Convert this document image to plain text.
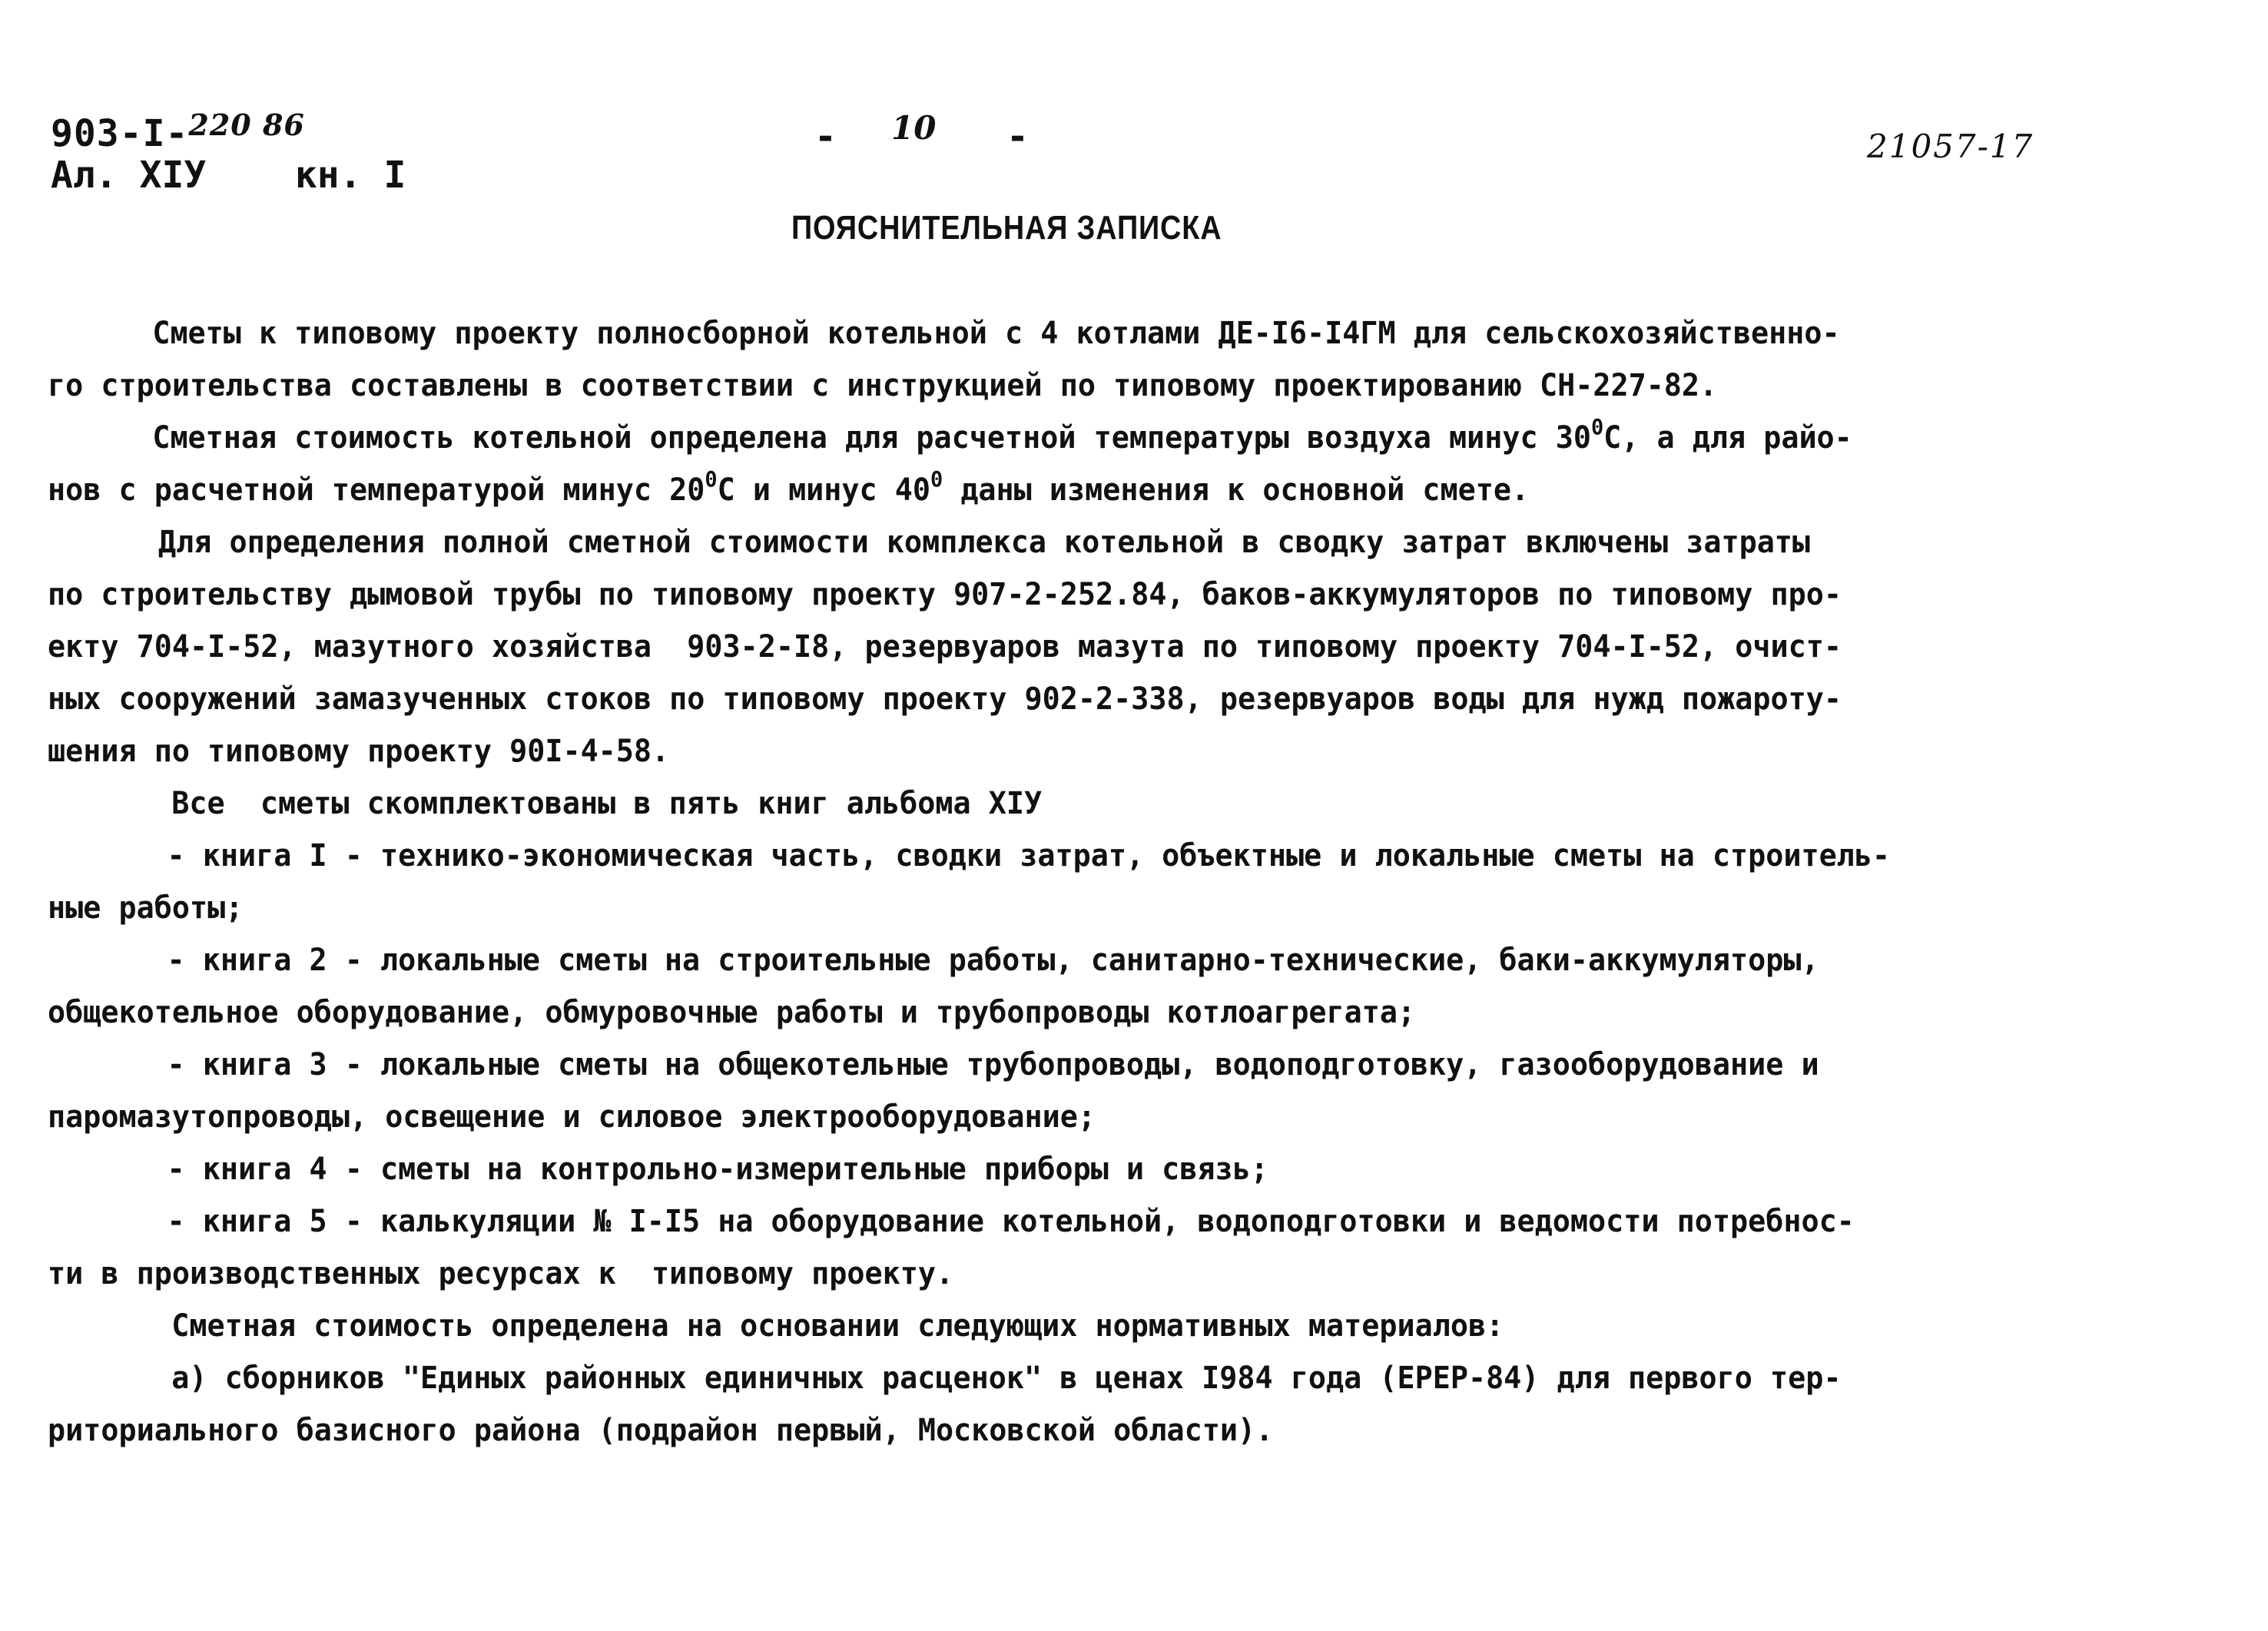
903-I-$^{220 86}$
Ал. XIУ кн. I

-

10

-

	21057-17
ПОЯСНИТЕЛЬНАЯ ЗАПИСКА
Сметы к типовому проекту полносборной котельной с 4 котлами ДЕ-I6-I4ГМ для сельскохозяйственно-
го строительства составлены в соответствии с инструкцией по типовому проектированию СН-227-82.
Сметная стоимость котельной определена для расчетной температуры воздуха минус $30^0С$, а для райо-
нов с расчетной температурой минус $20^0С$ и минус $40^0$ даны изменения к основной смете.
Для определения полной сметной стоимости комплекса котельной в сводку затрат включены затраты
по строительству дымовой трубы по типовому проекту 907-2-252.84, баков-аккумуляторов по типовому про-
екту 704-I-52, мазутного хозяйства  903-2-I8, резервуаров мазута по типовому проекту 704-I-52, очист-
ных сооружений замазученных стоков по типовому проекту 902-2-338, резервуаров воды для нужд пожароту-
шения по типовому проекту 90I-4-58.
Все  сметы скомплектованы в пять книг альбома XIУ
- книга I - технико-экономическая часть, сводки затрат, объектные и локальные сметы на строитель-
ные работы;
- книга 2 - локальные сметы на строительные работы, санитарно-технические, баки-аккумуляторы,
общекотельное оборудование, обмуровочные работы и трубопроводы котлоагрегата;
- книга 3 - локальные сметы на общекотельные трубопроводы, водоподготовку, газооборудование и
паромазутопроводы, освещение и силовое электрооборудование;
- книга 4 - сметы на контрольно-измерительные приборы и связь;
- книга 5 - калькуляции № I-I5 на оборудование котельной, водоподготовки и ведомости потребнос-
ти в производственных ресурсах к  типовому проекту.
Сметная стоимость определена на основании следующих нормативных материалов:
а) сборников "Единых районных единичных расценок" в ценах I984 года (ЕРЕР-84) для первого тер-
риториального базисного района (подрайон первый, Московской области).
